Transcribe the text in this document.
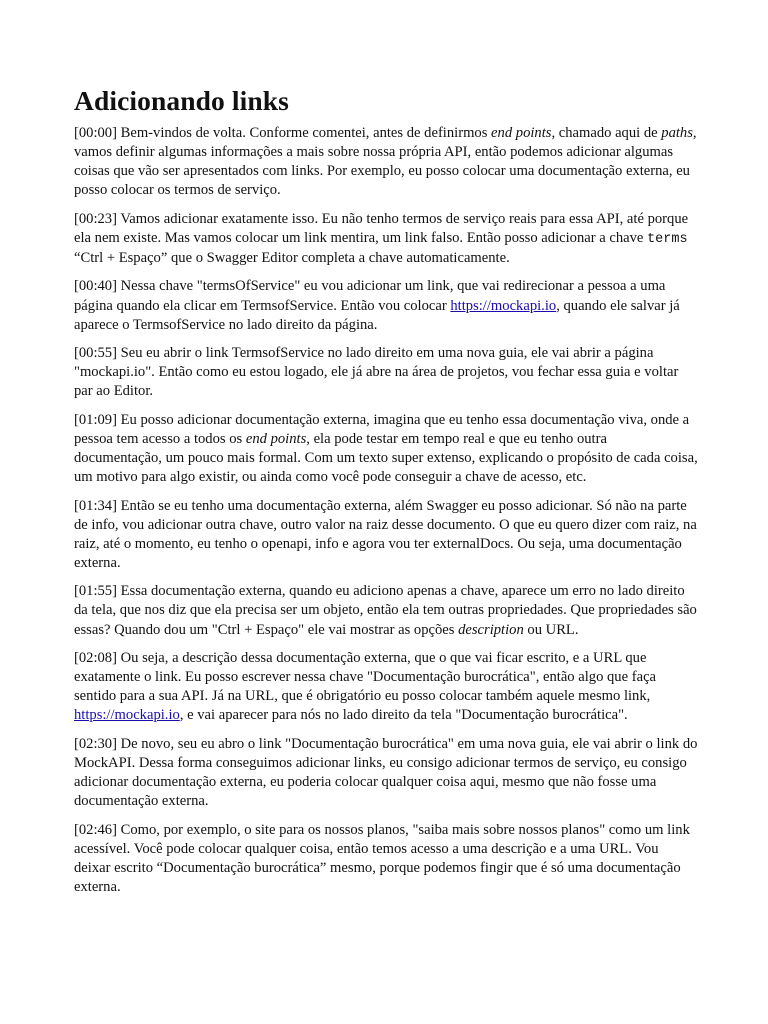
Adicionando links

[00:00] Bem-vindos de volta. Conforme comentei, antes de definirmos end points, chamado aqui de paths, vamos definir algumas informações a mais sobre nossa própria API, então podemos adicionar algumas coisas que vão ser apresentados com links. Por exemplo, eu posso colocar uma documentação externa, eu posso colocar os termos de serviço.

[00:23] Vamos adicionar exatamente isso. Eu não tenho termos de serviço reais para essa API, até porque ela nem existe. Mas vamos colocar um link mentira, um link falso. Então posso adicionar a chave terms “Ctrl + Espaço” que o Swagger Editor completa a chave automaticamente.

[00:40] Nessa chave "termsOfService" eu vou adicionar um link, que vai redirecionar a pessoa a uma página quando ela clicar em TermsofService. Então vou colocar https://mockapi.io, quando ele salvar já aparece o TermsofService no lado direito da página.

[00:55] Seu eu abrir o link TermsofService no lado direito em uma nova guia, ele vai abrir a página "mockapi.io". Então como eu estou logado, ele já abre na área de projetos, vou fechar essa guia e voltar par ao Editor.

[01:09] Eu posso adicionar documentação externa, imagina que eu tenho essa documentação viva, onde a pessoa tem acesso a todos os end points, ela pode testar em tempo real e que eu tenho outra documentação, um pouco mais formal. Com um texto super extenso, explicando o propósito de cada coisa, um motivo para algo existir, ou ainda como você pode conseguir a chave de acesso, etc.

[01:34] Então se eu tenho uma documentação externa, além Swagger eu posso adicionar. Só não na parte de info, vou adicionar outra chave, outro valor na raiz desse documento. O que eu quero dizer com raiz, na raiz, até o momento, eu tenho o openapi, info e agora vou ter externalDocs. Ou seja, uma documentação externa.

[01:55] Essa documentação externa, quando eu adiciono apenas a chave, aparece um erro no lado direito da tela, que nos diz que ela precisa ser um objeto, então ela tem outras propriedades. Que propriedades são essas? Quando dou um "Ctrl + Espaço" ele vai mostrar as opções description ou URL.

[02:08] Ou seja, a descrição dessa documentação externa, que o que vai ficar escrito, e a URL que exatamente o link. Eu posso escrever nessa chave "Documentação burocrática", então algo que faça sentido para a sua API. Já na URL, que é obrigatório eu posso colocar também aquele mesmo link, https://mockapi.io, e vai aparecer para nós no lado direito da tela "Documentação burocrática".

[02:30] De novo, seu eu abro o link "Documentação burocrática" em uma nova guia, ele vai abrir o link do MockAPI. Dessa forma conseguimos adicionar links, eu consigo adicionar termos de serviço, eu consigo adicionar documentação externa, eu poderia colocar qualquer coisa aqui, mesmo que não fosse uma documentação externa.

[02:46] Como, por exemplo, o site para os nossos planos, "saiba mais sobre nossos planos" como um link acessível. Você pode colocar qualquer coisa, então temos acesso a uma descrição e a uma URL. Vou deixar escrito “Documentação burocrática” mesmo, porque podemos fingir que é só uma documentação externa.
